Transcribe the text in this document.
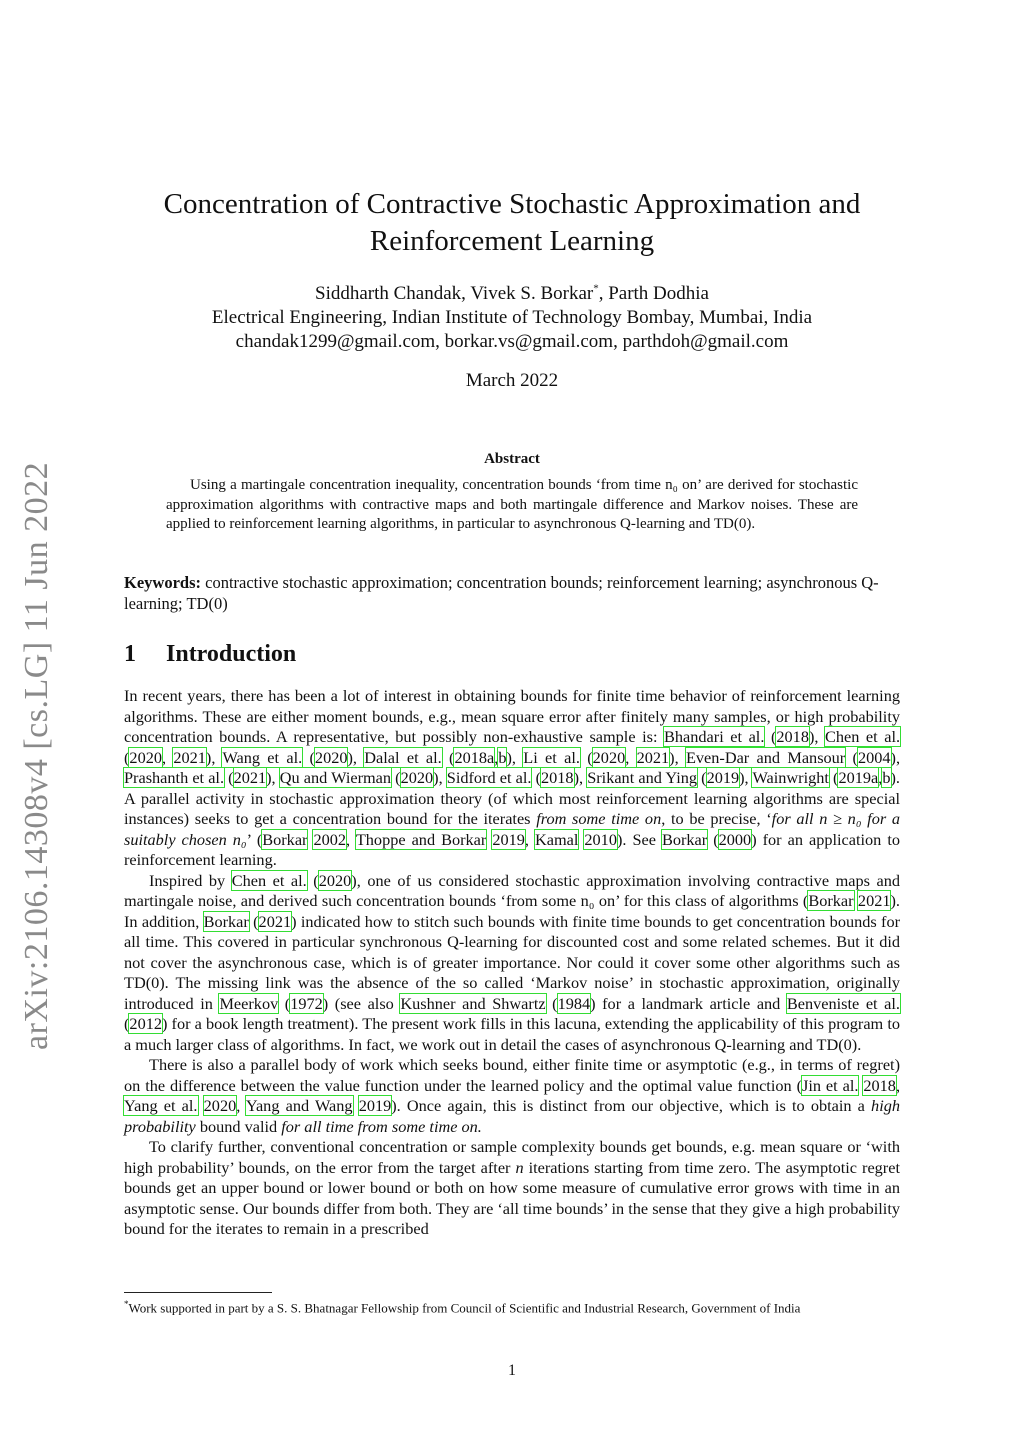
arXiv:2106.14308v4 [cs.LG] 11 Jun 2022
Concentration of Contractive Stochastic Approximation and
Reinforcement Learning
Siddharth Chandak, Vivek S. Borkar*, Parth Dodhia
Electrical Engineering, Indian Institute of Technology Bombay, Mumbai, India
chandak1299@gmail.com, borkar.vs@gmail.com, parthdoh@gmail.com
March 2022
Abstract
Using a martingale concentration inequality, concentration bounds ‘from time n₀ on’ are derived for stochastic approximation algorithms with contractive maps and both martingale difference and Markov noises. These are applied to reinforcement learning algorithms, in particular to asynchronous Q-learning and TD(0).
Keywords: contractive stochastic approximation; concentration bounds; reinforcement learning; asynchronous Q-learning; TD(0)
1 Introduction

In recent years, there has been a lot of interest in obtaining bounds for finite time behavior of reinforcement learning algorithms. These are either moment bounds, e.g., mean square error after finitely many samples, or high probability concentration bounds. A representative, but possibly non-exhaustive sample is: Bhandari et al. (2018), Chen et al. (2020, 2021), Wang et al. (2020), Dalal et al. (2018a,b), Li et al. (2020, 2021), Even-Dar and Mansour (2004), Prashanth et al. (2021), Qu and Wierman (2020), Sidford et al. (2018), Srikant and Ying (2019), Wainwright (2019a,b). A parallel activity in stochastic approximation theory (of which most reinforcement learning algorithms are special instances) seeks to get a concentration bound for the iterates from some time on, to be precise, ‘for all n ≥ n₀ for a suitably chosen n₀’ (Borkar 2002, Thoppe and Borkar 2019, Kamal 2010). See Borkar (2000) for an application to reinforcement learning.

Inspired by Chen et al. (2020), one of us considered stochastic approximation involving contractive maps and martingale noise, and derived such concentration bounds ‘from some n₀ on’ for this class of algorithms (Borkar 2021). In addition, Borkar (2021) indicated how to stitch such bounds with finite time bounds to get concentration bounds for all time. This covered in particular synchronous Q-learning for discounted cost and some related schemes. But it did not cover the asynchronous case, which is of greater importance. Nor could it cover some other algorithms such as TD(0). The missing link was the absence of the so called ‘Markov noise’ in stochastic approximation, originally introduced in Meerkov (1972) (see also Kushner and Shwartz (1984) for a landmark article and Benveniste et al. (2012) for a book length treatment). The present work fills in this lacuna, extending the applicability of this program to a much larger class of algorithms. In fact, we work out in detail the cases of asynchronous Q-learning and TD(0).

There is also a parallel body of work which seeks bound, either finite time or asymptotic (e.g., in terms of regret) on the difference between the value function under the learned policy and the optimal value function (Jin et al. 2018, Yang et al. 2020, Yang and Wang 2019). Once again, this is distinct from our objective, which is to obtain a high probability bound valid for all time from some time on.

To clarify further, conventional concentration or sample complexity bounds get bounds, e.g. mean square or ‘with high probability’ bounds, on the error from the target after n iterations starting from time zero. The asymptotic regret bounds get an upper bound or lower bound or both on how some measure of cumulative error grows with time in an asymptotic sense. Our bounds differ from both. They are ‘all time bounds’ in the sense that they give a high probability bound for the iterates to remain in a prescribed

*Work supported in part by a S. S. Bhatnagar Fellowship from Council of Scientific and Industrial Research, Government of India
1
